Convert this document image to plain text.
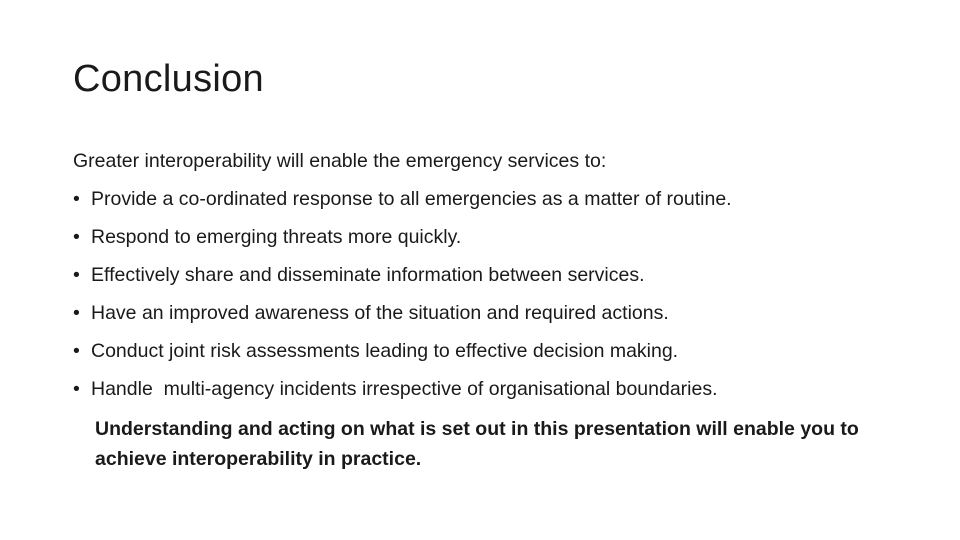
Conclusion
Greater interoperability will enable the emergency services to:
• Provide a co-ordinated response to all emergencies as a matter of routine.
• Respond to emerging threats more quickly.
• Effectively share and disseminate information between services.
• Have an improved awareness of the situation and required actions.
• Conduct joint risk assessments leading to effective decision making.
• Handle  multi-agency incidents irrespective of organisational boundaries.
Understanding and acting on what is set out in this presentation will enable you to achieve interoperability in practice.
